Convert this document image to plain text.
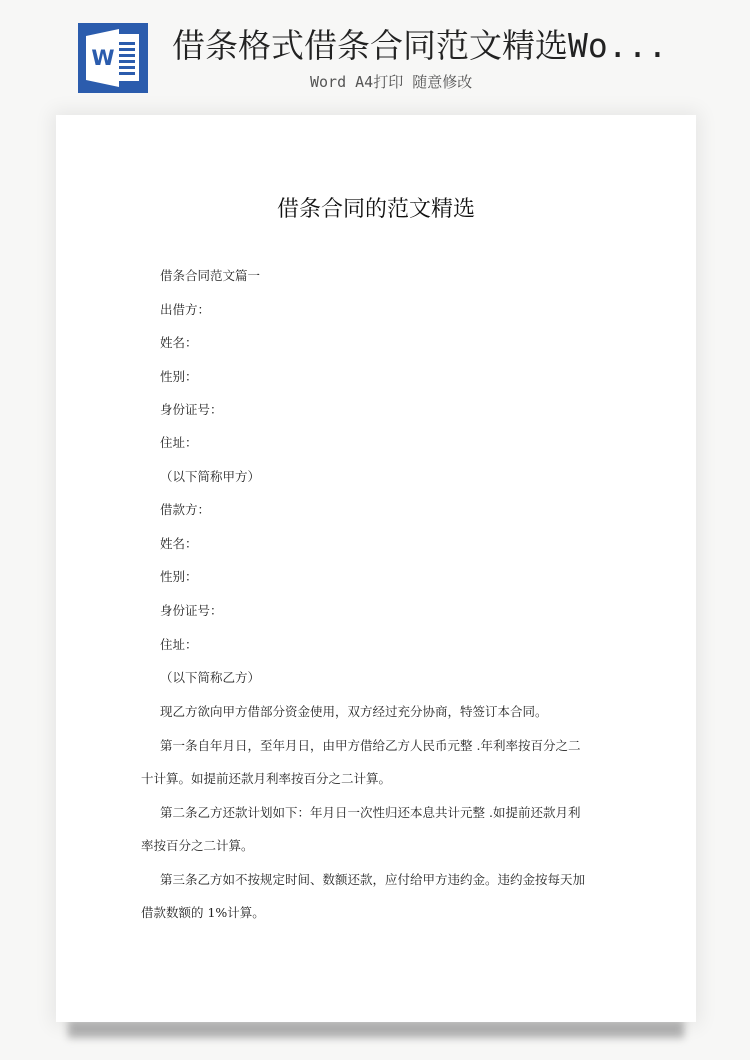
W 借条格式借条合同范文精选Wo...
Word A4打印 随意修改
借条合同的范文精选
借条合同范文篇一
出借方：
姓名：
性别：
身份证号：
住址：
（以下简称甲方）
借款方：
姓名：
性别：
身份证号：
住址：
（以下简称乙方）
现乙方欲向甲方借部分资金使用，双方经过充分协商，特签订本合同。
第一条自年月日，至年月日，由甲方借给乙方人民币元整 .年利率按百分之二
十计算。如提前还款月利率按百分之二计算。
第二条乙方还款计划如下：年月日一次性归还本息共计元整 .如提前还款月利
率按百分之二计算。
第三条乙方如不按规定时间、数额还款，应付给甲方违约金。违约金按每天加
借款数额的 1%计算。
